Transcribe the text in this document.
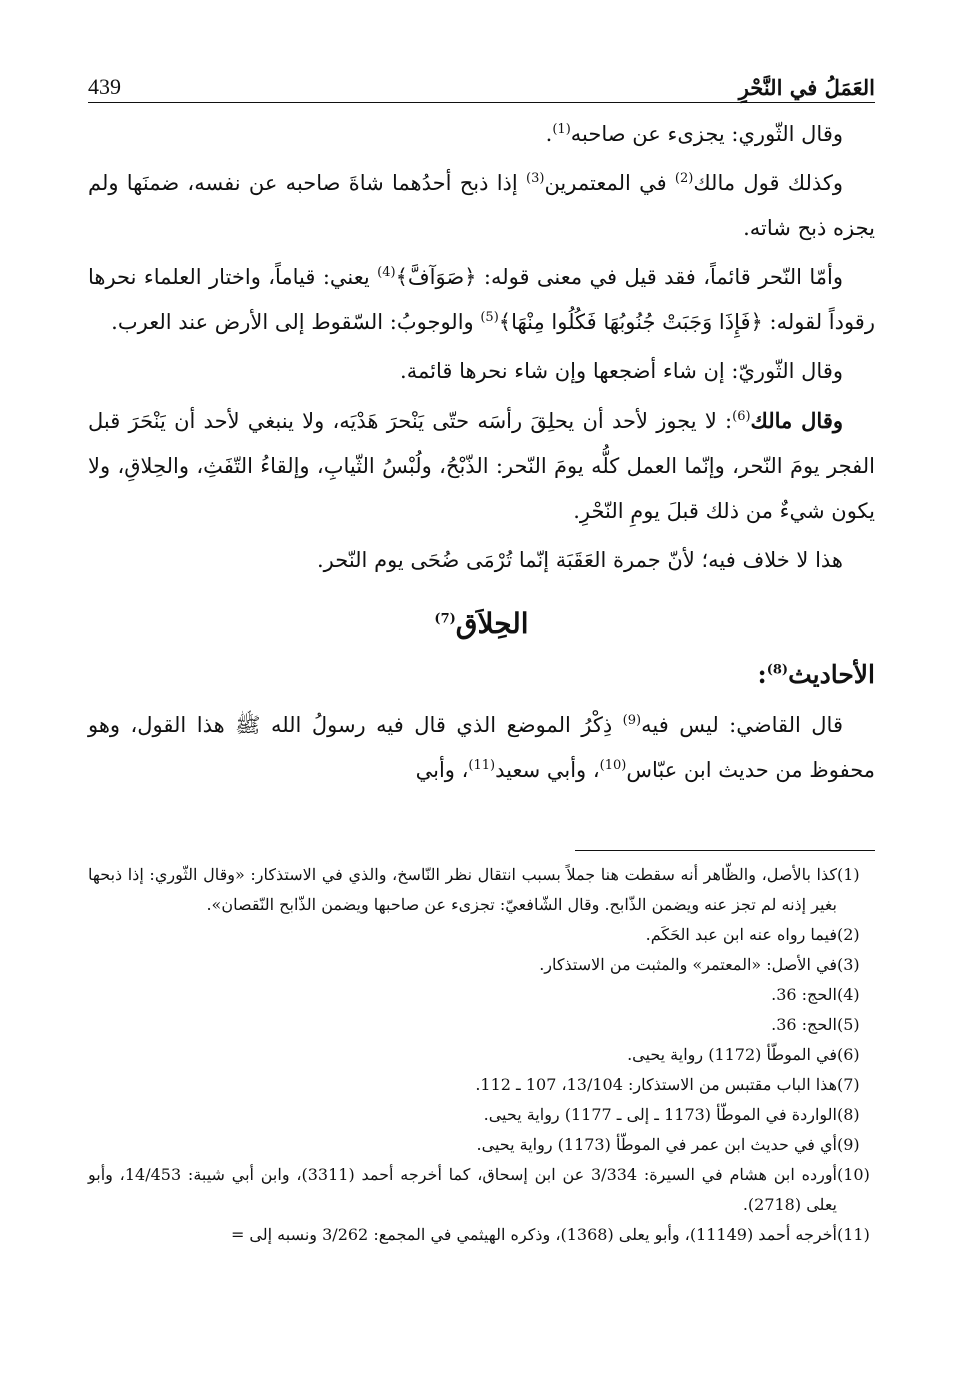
439	العَمَلُ في النَّحْرِ

وقال الثّوري: يجزىء عن صاحبه$^{(1)}$.

وكذلك قول مالك$^{(2)}$ في المعتمرين$^{(3)}$ إذا ذبح أحدُهما شاةَ صاحبه عن نفسه، ضمنَها ولم يجزه ذبح شاته.

وأمّا النّحر قائماً، فقد قيل في معنى قوله: ﴿صَوَآفَّ﴾$^{(4)}$ يعني: قياماً، واختار العلماء نحرها رقوداً لقوله: ﴿فَإِذَا وَجَبَتْ جُنُوبُهَا فَكُلُوا مِنْهَا﴾$^{(5)}$ والوجوبُ: السّقوط إلى الأرض عند العرب.

وقال الثّوريّ: إن شاء أضجعها وإن شاء نحرها قائمة.

وقال مالك$^{(6)}$: لا يجوز لأحد أن يحلِقَ رأسَه حتّى يَنْحرَ هَدْيَه، ولا ينبغي لأحد أن يَنْحَرَ قبل الفجر يومَ النّحر، وإنّما العمل كلُّه يومَ النّحر: الذّبْحُ، ولُبْسُ الثّيابِ، وإلقاءُ التّفَثِ، والحِلاقِ، ولا يكون شيءٌ من ذلك قبلَ يومِ النّحْرِ.

هذا لا خلاف فيه؛ لأنّ جمرة العَقَبَة إنّما تُرْمَى ضُحَى يوم النّحر.

الحِلاَق$^{(7)}$
الأحاديث$^{(8)}$:

قال القاضي: ليس فيه$^{(9)}$ ذِكْرُ الموضع الذي قال فيه رسولُ الله ﷺ هذا القول، وهو محفوظ من حديث ابن عبّاس$^{(10)}$، وأبي سعيد$^{(11)}$، وأبي

(1)
كذا بالأصل، والظّاهر أنه سقطت هنا جملاً بسبب انتقال نظر النّاسخ، والذي في الاستذكار: «وقال الثّوري: إذا ذبحها بغير إذنه لم تجز عنه ويضمن الذّابح. وقال الشّافعيّ: تجزىء عن صاحبها ويضمن الذّابح النّقصان».
(2)
فيما رواه عنه ابن عبد الحَكَم.
(3)
في الأصل: «المعتمر» والمثبت من الاستذكار.
(4)
الحج: 36.
(5)
الحج: 36.
(6)
في الموطّأ (1172) رواية يحيى.
(7)
هذا الباب مقتبس من الاستذكار: 13/104، 107 ـ 112.
(8)
الواردة في الموطّأ (1173 ـ إلى ـ 1177) رواية يحيى.
(9)
أي في حديث ابن عمر في الموطّأ (1173) رواية يحيى.
(10)
أورده ابن هشام في السيرة: 3/334 عن ابن إسحاق، كما أخرجه أحمد (3311)، وابن أبي شيبة: 14/453، وأبو يعلى (2718).
(11)
أخرجه أحمد (11149)، وأبو يعلى (1368)، وذكره الهيثمي في المجمع: 3/262 ونسبه إلى =
